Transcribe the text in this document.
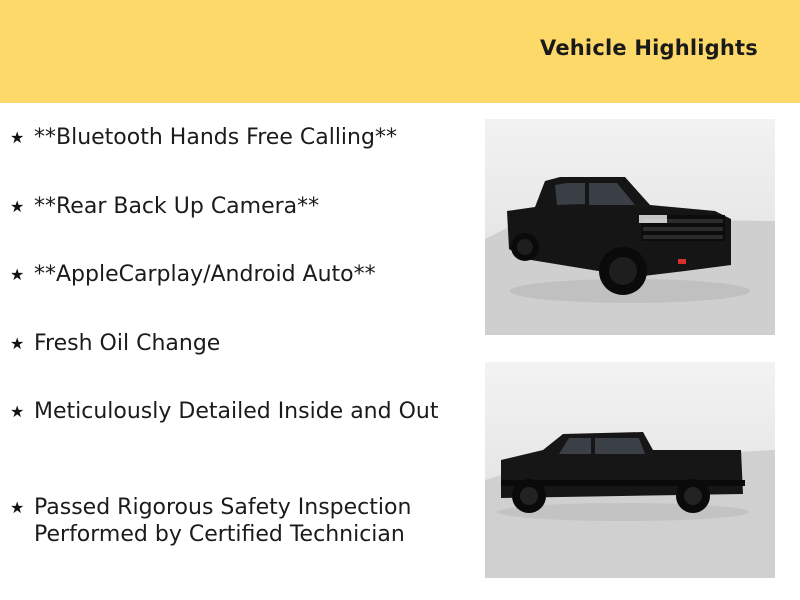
Vehicle Highlights
★ **Bluetooth Hands Free Calling**
★ **Rear Back Up Camera**
★ **AppleCarplay/Android Auto**
★ Fresh Oil Change
★ Meticulously Detailed Inside and Out
★ Passed Rigorous Safety Inspection Performed by Certified Technician
